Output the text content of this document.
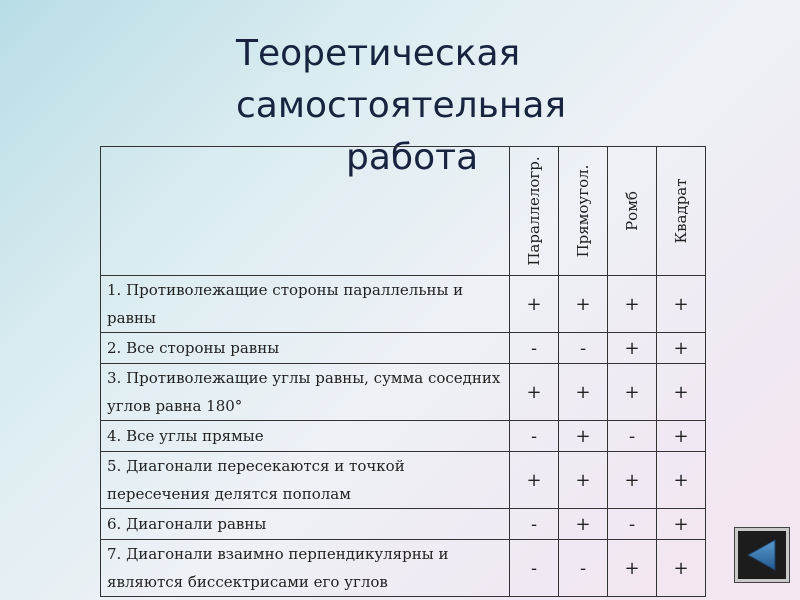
Теоретическая
самостоятельная
работа

	Параллелогр.	Прямоугол.	Ромб	Квадрат

1. Противолежащие стороны параллельны и равны	+	+	+	+
2. Все стороны равны	-	-	+	+
3. Противолежащие углы равны, сумма соседних углов равна 180°	+	+	+	+
4. Все углы прямые	-	+	-	+
5. Диагонали пересекаются и точкой пересечения делятся пополам	+	+	+	+
6. Диагонали равны	-	+	-	+
7. Диагонали взаимно перпендикулярны и являются биссектрисами его углов	-	-	+	+
